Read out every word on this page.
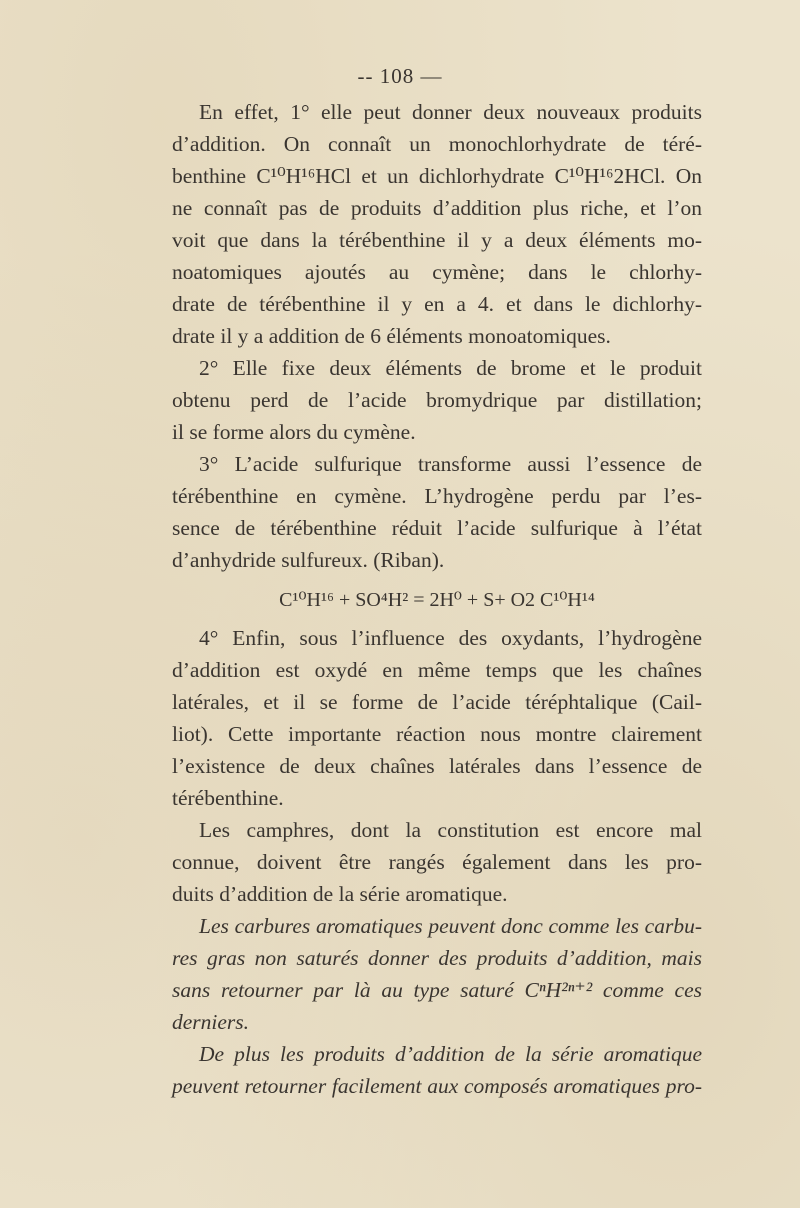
-- 108 —

En effet, 1° elle peut donner deux nouveaux produits
d’addition. On connaît un monochlorhydrate de téré-
benthine C¹⁰H¹⁶HCl et un dichlorhydrate C¹⁰H¹⁶2HCl. On
ne connaît pas de produits d’addition plus riche, et l’on
voit que dans la térébenthine il y a deux éléments mo-
noatomiques ajoutés au cymène; dans le chlorhy-
drate de térébenthine il y en a 4. et dans le dichlorhy-
drate il y a addition de 6 éléments monoatomiques.

2° Elle fixe deux éléments de brome et le produit
obtenu perd de l’acide bromydrique par distillation;
il se forme alors du cymène.

3° L’acide sulfurique transforme aussi l’essence de
térébenthine en cymène. L’hydrogène perdu par l’es-
sence de térébenthine réduit l’acide sulfurique à l’état
d’anhydride sulfureux. (Riban).

C¹⁰H¹⁶ + SO⁴H² = 2H⁰ + S+ O2 C¹⁰H¹⁴

4° Enfin, sous l’influence des oxydants, l’hydrogène
d’addition est oxydé en même temps que les chaînes
latérales, et il se forme de l’acide téréphtalique (Cail-
liot). Cette importante réaction nous montre clairement
l’existence de deux chaînes latérales dans l’essence de
térébenthine.

Les camphres, dont la constitution est encore mal
connue, doivent être rangés également dans les pro-
duits d’addition de la série aromatique.

Les carbures aromatiques peuvent donc comme les carbu-
res gras non saturés donner des produits d’addition, mais
sans retourner par là au type saturé CⁿH²ⁿ⁺² comme ces
derniers.

De plus les produits d’addition de la série aromatique
peuvent retourner facilement aux composés aromatiques pro-
